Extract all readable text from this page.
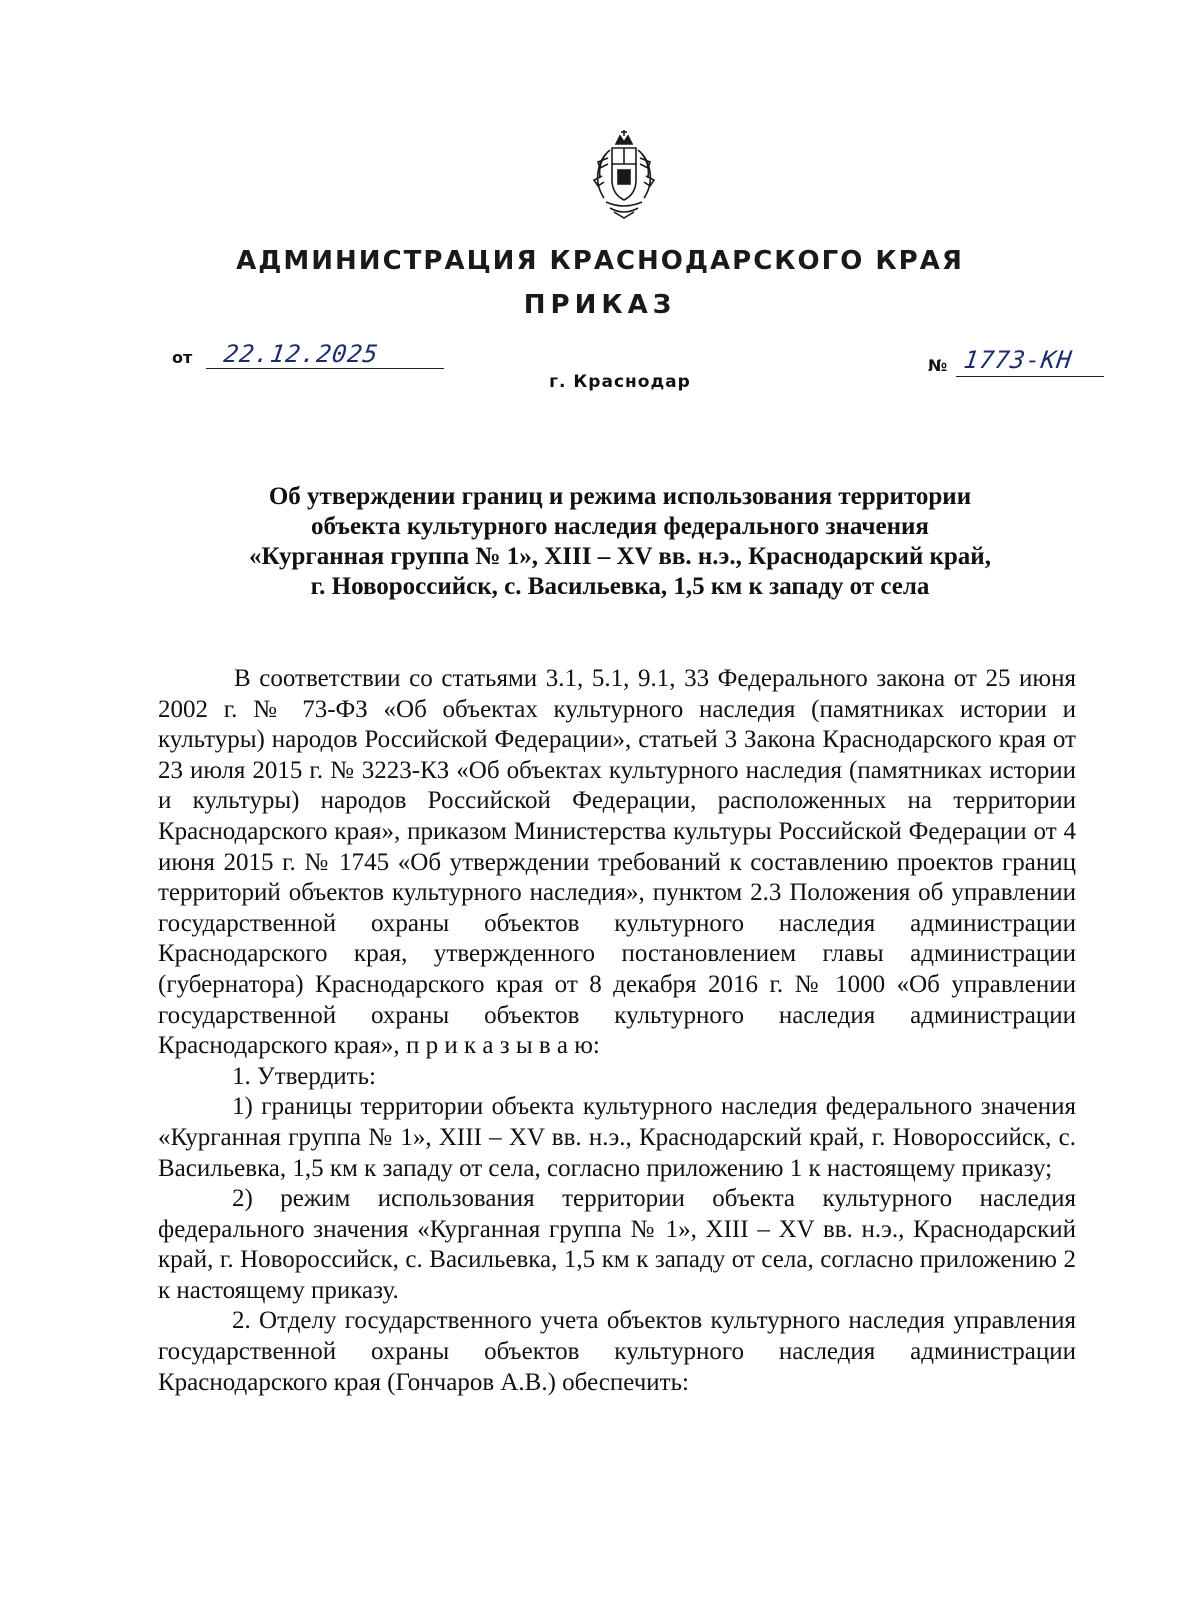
АДМИНИСТРАЦИЯ КРАСНОДАРСКОГО КРАЯ
ПРИКАЗ
от 22.12.2025	№ 1773-КН
г. Краснодар
Об утверждении границ и режима использования территории
объекта культурного наследия федерального значения
«Курганная группа № 1», XIII – XV вв. н.э., Краснодарский край,
г. Новороссийск, с. Васильевка, 1,5 км к западу от села

В соответствии со статьями 3.1, 5.1, 9.1, 33 Федерального закона от 25 июня 2002 г. № 73-ФЗ «Об объектах культурного наследия (памятниках истории и культуры) народов Российской Федерации», статьей 3 Закона Краснодарского края от 23 июля 2015 г. № 3223-КЗ «Об объектах культурного наследия (памятниках истории и культуры) народов Российской Федерации, расположенных на территории Краснодарского края», приказом Министерства культуры Российской Федерации от 4 июня 2015 г. № 1745 «Об утверждении требований к составлению проектов границ территорий объектов культурного наследия», пунктом 2.3 Положения об управлении государственной охраны объектов культурного наследия администрации Краснодарского края, утвержденного постановлением главы администрации (губернатора) Краснодарского края от 8 декабря 2016 г. № 1000 «Об управлении государственной охраны объектов культурного наследия администрации Краснодарского края», п р и к а з ы в а ю:

1. Утвердить:

1) границы территории объекта культурного наследия федерального значения «Курганная группа № 1», XIII – XV вв. н.э., Краснодарский край, г. Новороссийск, с. Васильевка, 1,5 км к западу от села, согласно приложению 1 к настоящему приказу;

2) режим использования территории объекта культурного наследия федерального значения «Курганная группа № 1», XIII – XV вв. н.э., Краснодарский край, г. Новороссийск, с. Васильевка, 1,5 км к западу от села, согласно приложению 2 к настоящему приказу.

2. Отделу государственного учета объектов культурного наследия управления государственной охраны объектов культурного наследия администрации Краснодарского края (Гончаров А.В.) обеспечить:
